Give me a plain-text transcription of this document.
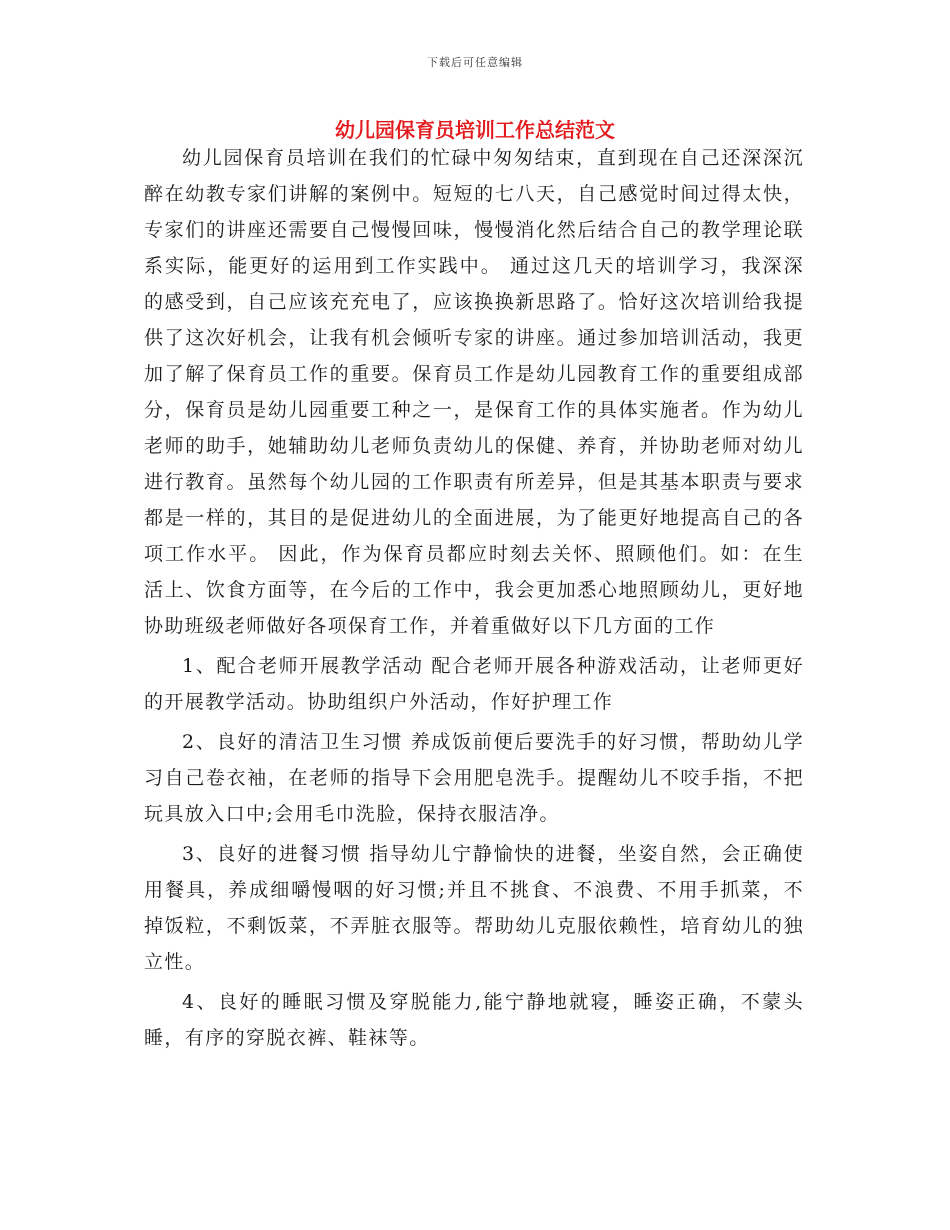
下载后可任意编辑
幼儿园保育员培训工作总结范文

幼儿园保育员培训在我们的忙碌中匆匆结束，直到现在自己还深深沉醉在幼教专家们讲解的案例中。短短的七八天，自己感觉时间过得太快，专家们的讲座还需要自己慢慢回味，慢慢消化然后结合自己的教学理论联系实际，能更好的运用到工作实践中。 通过这几天的培训学习，我深深的感受到，自己应该充充电了，应该换换新思路了。恰好这次培训给我提供了这次好机会，让我有机会倾听专家的讲座。通过参加培训活动，我更加了解了保育员工作的重要。保育员工作是幼儿园教育工作的重要组成部分，保育员是幼儿园重要工种之一，是保育工作的具体实施者。作为幼儿老师的助手，她辅助幼儿老师负责幼儿的保健、养育，并协助老师对幼儿进行教育。虽然每个幼儿园的工作职责有所差异，但是其基本职责与要求都是一样的，其目的是促进幼儿的全面进展，为了能更好地提高自己的各项工作水平。 因此，作为保育员都应时刻去关怀、照顾他们。如：在生活上、饮食方面等，在今后的工作中，我会更加悉心地照顾幼儿，更好地协助班级老师做好各项保育工作，并着重做好以下几方面的工作

1、配合老师开展教学活动 配合老师开展各种游戏活动，让老师更好的开展教学活动。协助组织户外活动，作好护理工作

2、良好的清洁卫生习惯 养成饭前便后要洗手的好习惯，帮助幼儿学习自己卷衣袖，在老师的指导下会用肥皂洗手。提醒幼儿不咬手指，不把玩具放入口中;会用毛巾洗脸，保持衣服洁净。

3、良好的进餐习惯 指导幼儿宁静愉快的进餐，坐姿自然，会正确使用餐具，养成细嚼慢咽的好习惯;并且不挑食、不浪费、不用手抓菜，不掉饭粒，不剩饭菜，不弄脏衣服等。帮助幼儿克服依赖性，培育幼儿的独立性。

4、良好的睡眠习惯及穿脱能力,能宁静地就寝，睡姿正确，不蒙头睡，有序的穿脱衣裤、鞋袜等。
